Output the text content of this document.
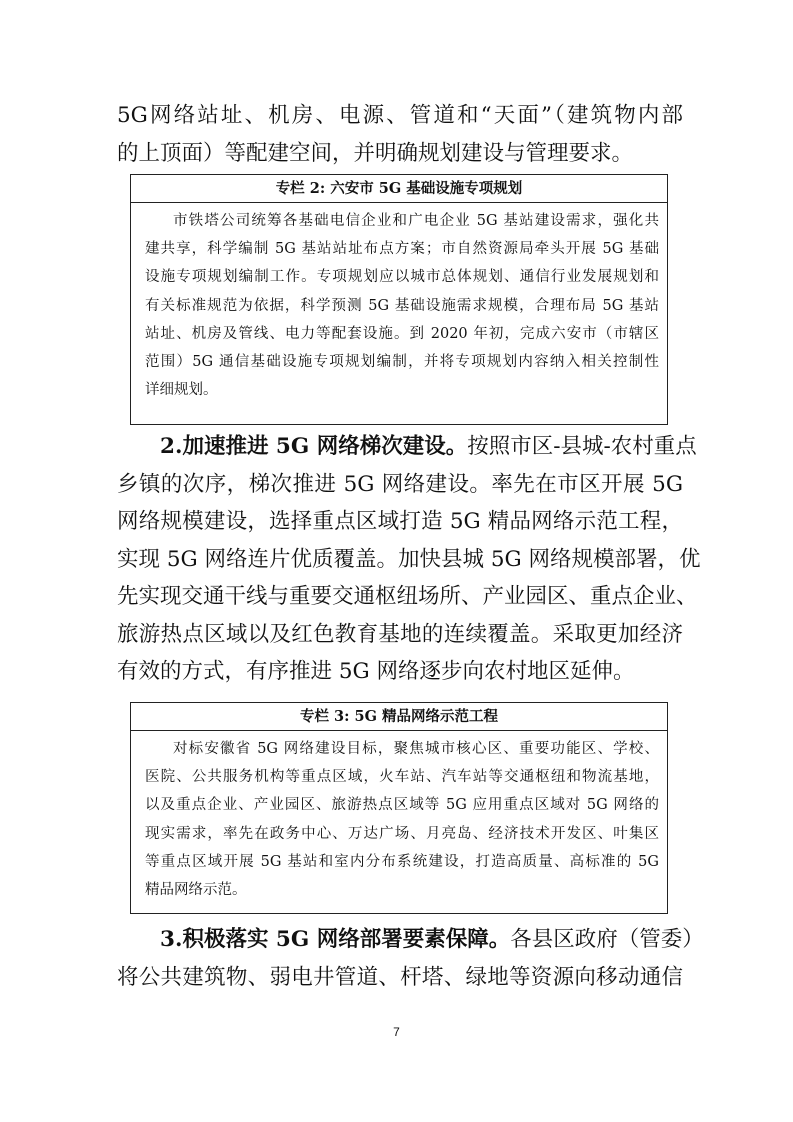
5G网络站址、机房、电源、管道和“天面”（建筑物内部
的上顶面）等配建空间，并明确规划建设与管理要求。
专栏 2: 六安市 5G 基础设施专项规划
市铁塔公司统筹各基础电信企业和广电企业 5G 基站建设需求，强化共
建共享，科学编制 5G 基站站址布点方案；市自然资源局牵头开展 5G 基础
设施专项规划编制工作。专项规划应以城市总体规划、通信行业发展规划和
有关标准规范为依据，科学预测 5G 基础设施需求规模，合理布局 5G 基站
站址、机房及管线、电力等配套设施。到 2020 年初，完成六安市（市辖区
范围）5G 通信基础设施专项规划编制，并将专项规划内容纳入相关控制性
详细规划。
2.加速推进 5G 网络梯次建设。按照市区-县城-农村重点
乡镇的次序，梯次推进 5G 网络建设。率先在市区开展 5G
网络规模建设，选择重点区域打造 5G 精品网络示范工程，
实现 5G 网络连片优质覆盖。加快县城 5G 网络规模部署，优
先实现交通干线与重要交通枢纽场所、产业园区、重点企业、
旅游热点区域以及红色教育基地的连续覆盖。采取更加经济
有效的方式，有序推进 5G 网络逐步向农村地区延伸。
专栏 3: 5G 精品网络示范工程
对标安徽省 5G 网络建设目标，聚焦城市核心区、重要功能区、学校、
医院、公共服务机构等重点区域，火车站、汽车站等交通枢纽和物流基地，
以及重点企业、产业园区、旅游热点区域等 5G 应用重点区域对 5G 网络的
现实需求，率先在政务中心、万达广场、月亮岛、经济技术开发区、叶集区
等重点区域开展 5G 基站和室内分布系统建设，打造高质量、高标准的 5G
精品网络示范。
3.积极落实 5G 网络部署要素保障。各县区政府（管委）
将公共建筑物、弱电井管道、杆塔、绿地等资源向移动通信
7
